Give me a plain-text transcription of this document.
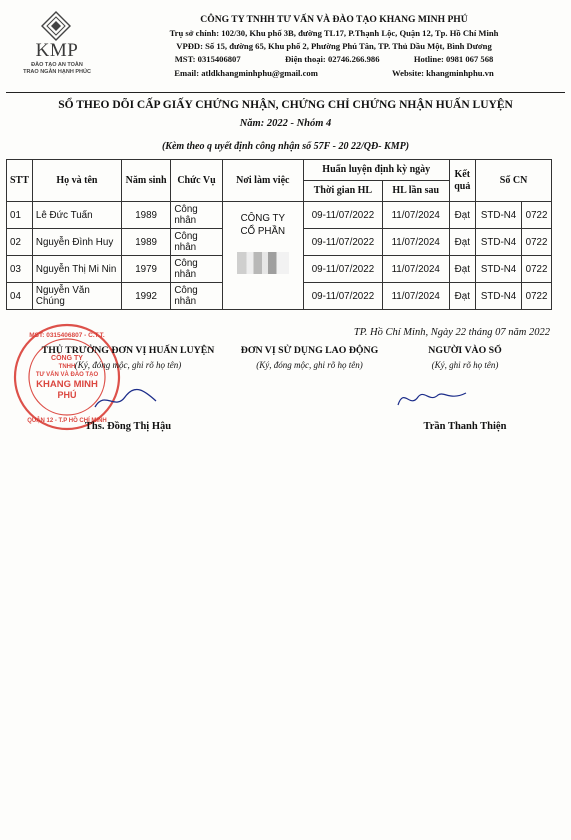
KMP
ĐÀO TẠO AN TOÀN
TRAO NGÀN HẠNH PHÚC
CÔNG TY TNHH TƯ VẤN VÀ ĐÀO TẠO KHANG MINH PHÚ
Trụ sở chính: 102/30, Khu phố 3B, đường TL17, P.Thạnh Lộc, Quận 12, Tp. Hồ Chí Minh
VPĐD: Số 15, đường 65, Khu phố 2, Phường Phú Tân, TP. Thủ Dầu Một, Bình Dương
MST: 0315406807	Điện thoại: 02746.266.986	Hotline: 0981 067 568
Email: atldkhangminhphu@gmail.com	Website: khangminhphu.vn
SỔ THEO DÕI CẤP GIẤY CHỨNG NHẬN, CHỨNG CHỈ CHỨNG NHẬN HUẤN LUYỆN
Năm: 2022 - Nhóm 4
(Kèm theo q uyết định công nhận số 57F - 20 22/QĐ- KMP)
STT	Họ và tên	Năm sinh	Chức Vụ	Nơi làm việc	Huấn luyện định kỳ ngày		Kết quả	Số CN	
					Thời gian HL	HL lần sau			
01	Lê Đức Tuấn	1989	Công nhân	CÔNG TY
CỔ PHẦN	09-11/07/2022	11/07/2024	Đạt	STD-N4	0722
02	Nguyễn Đình Huy	1989	Công nhân		09-11/07/2022	11/07/2024	Đạt	STD-N4	0722
03	Nguyễn Thị Mi Nin	1979	Công nhân		09-11/07/2022	11/07/2024	Đạt	STD-N4	0722
04	Nguyễn Văn Chúng	1992	Công nhân		09-11/07/2022	11/07/2024	Đạt	STD-N4	0722
TP. Hồ Chí Minh, Ngày 22 tháng 07 năm 2022
MST: 0315406807 - C.T.T.
CÔNG TY
TNHH
TƯ VẤN VÀ ĐÀO TẠO
KHANG MINH
PHÚ
QUẬN 12 - T.P HỒ CHÍ MINH
THỦ TRƯỞNG ĐƠN VỊ HUẤN LUYỆN
(Ký, đóng mộc, ghi rõ họ tên)
Ths. Đồng Thị Hậu
ĐƠN VỊ SỬ DỤNG LAO ĐỘNG
(Ký, đóng mộc, ghi rõ họ tên)
NGƯỜI VÀO SỔ
(Ký, ghi rõ họ tên)
Trần Thanh Thiện
